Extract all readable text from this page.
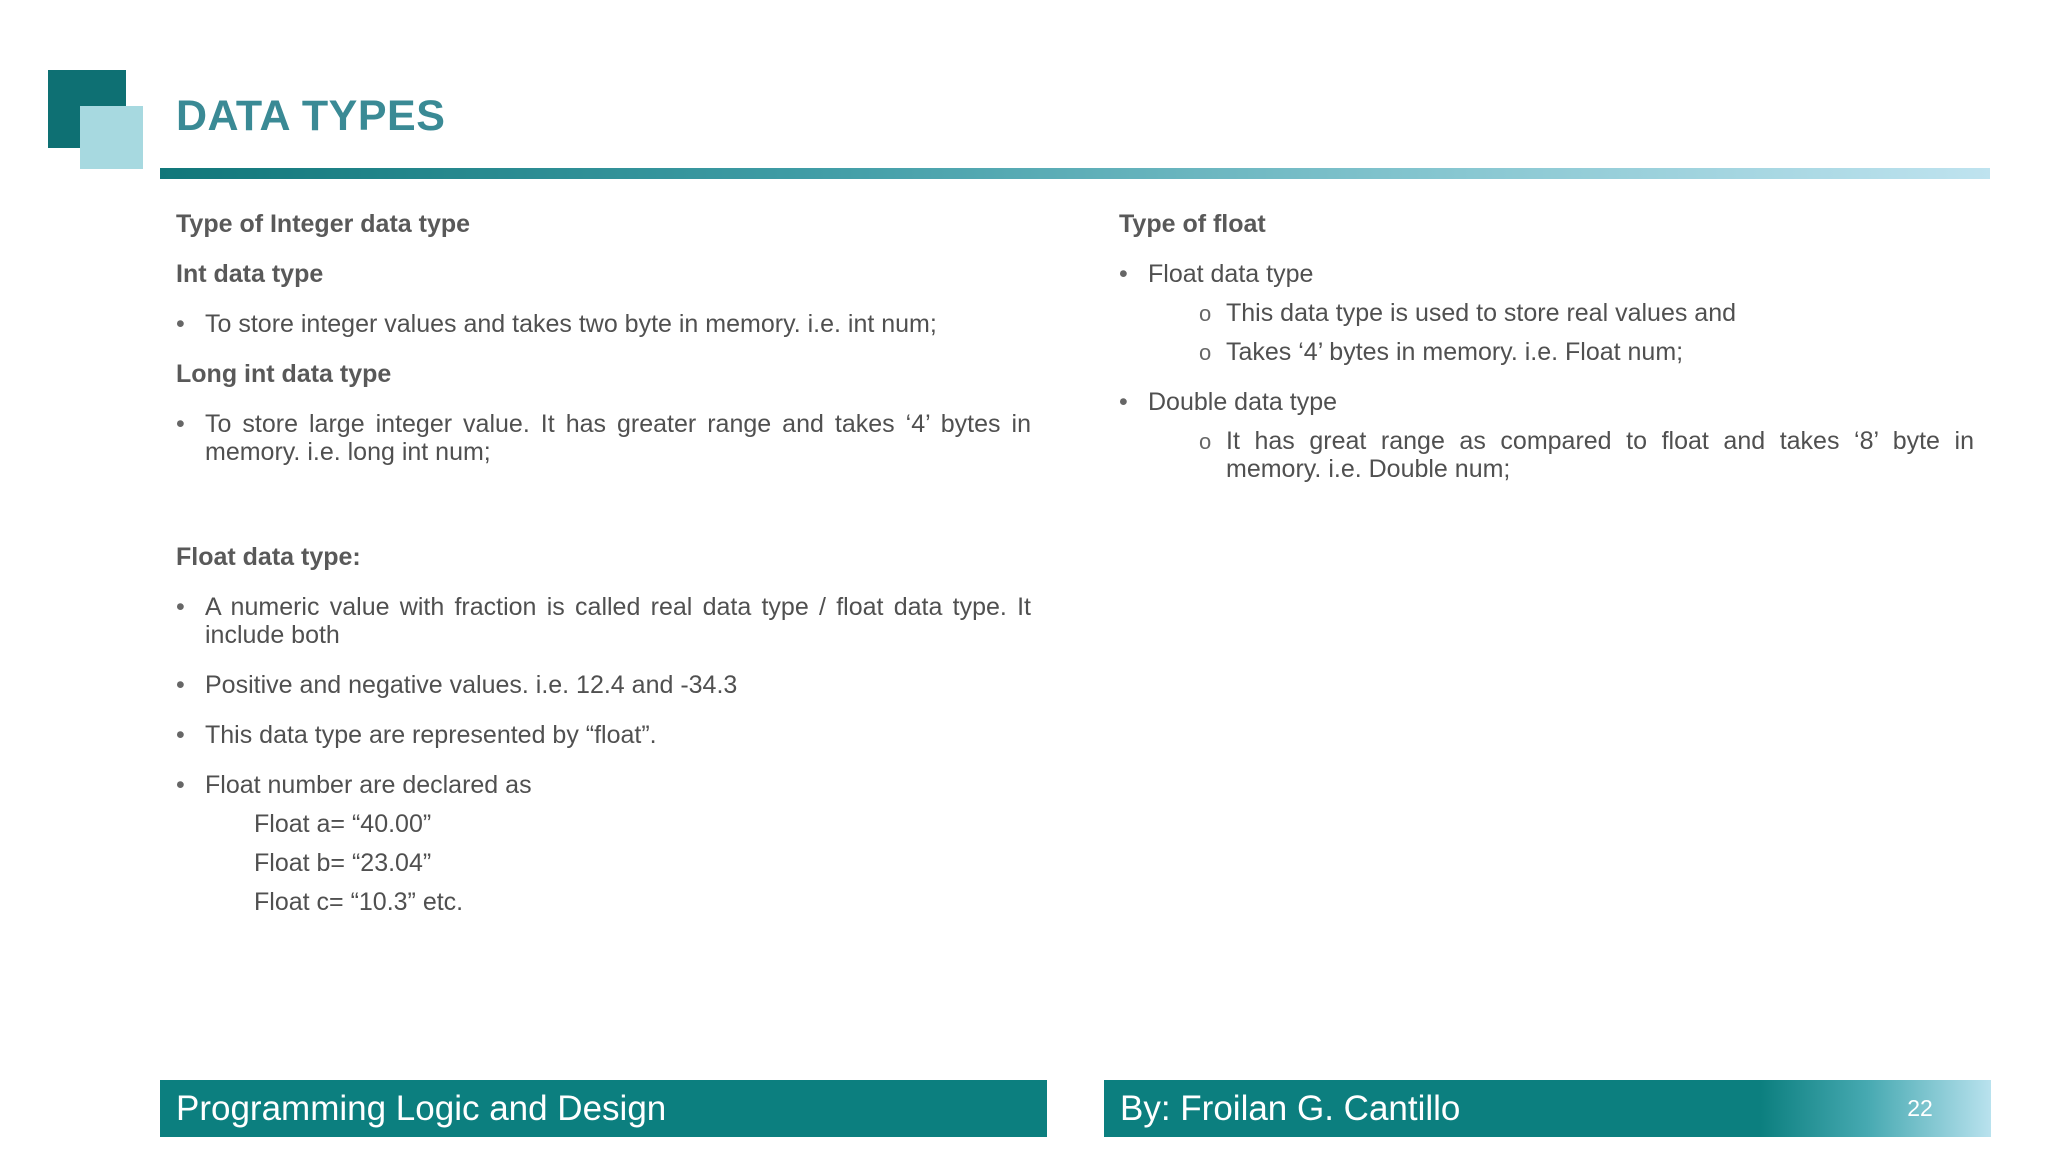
DATA TYPES

Type of Integer data type

Int data type

• To store integer values and takes two byte in memory. i.e. int num;

Long int data type

• To store large integer value. It has greater range and takes ‘4’ bytes in memory. i.e. long int num;

Float data type:

• A numeric value with fraction is called real data type / float data type. It include both

• Positive and negative values. i.e. 12.4 and -34.3

• This data type are represented by “float”.

• Float number are declared as

Float a= “40.00”

Float b= “23.04”

Float c= “10.3” etc.

Type of float

• Float data type

o This data type is used to store real values and

o Takes ‘4’ bytes in memory. i.e. Float num;

• Double data type

o It has great range as compared to float and takes ‘8’ byte in memory. i.e. Double num;

Programming Logic and Design	By: Froilan G. Cantillo	22
